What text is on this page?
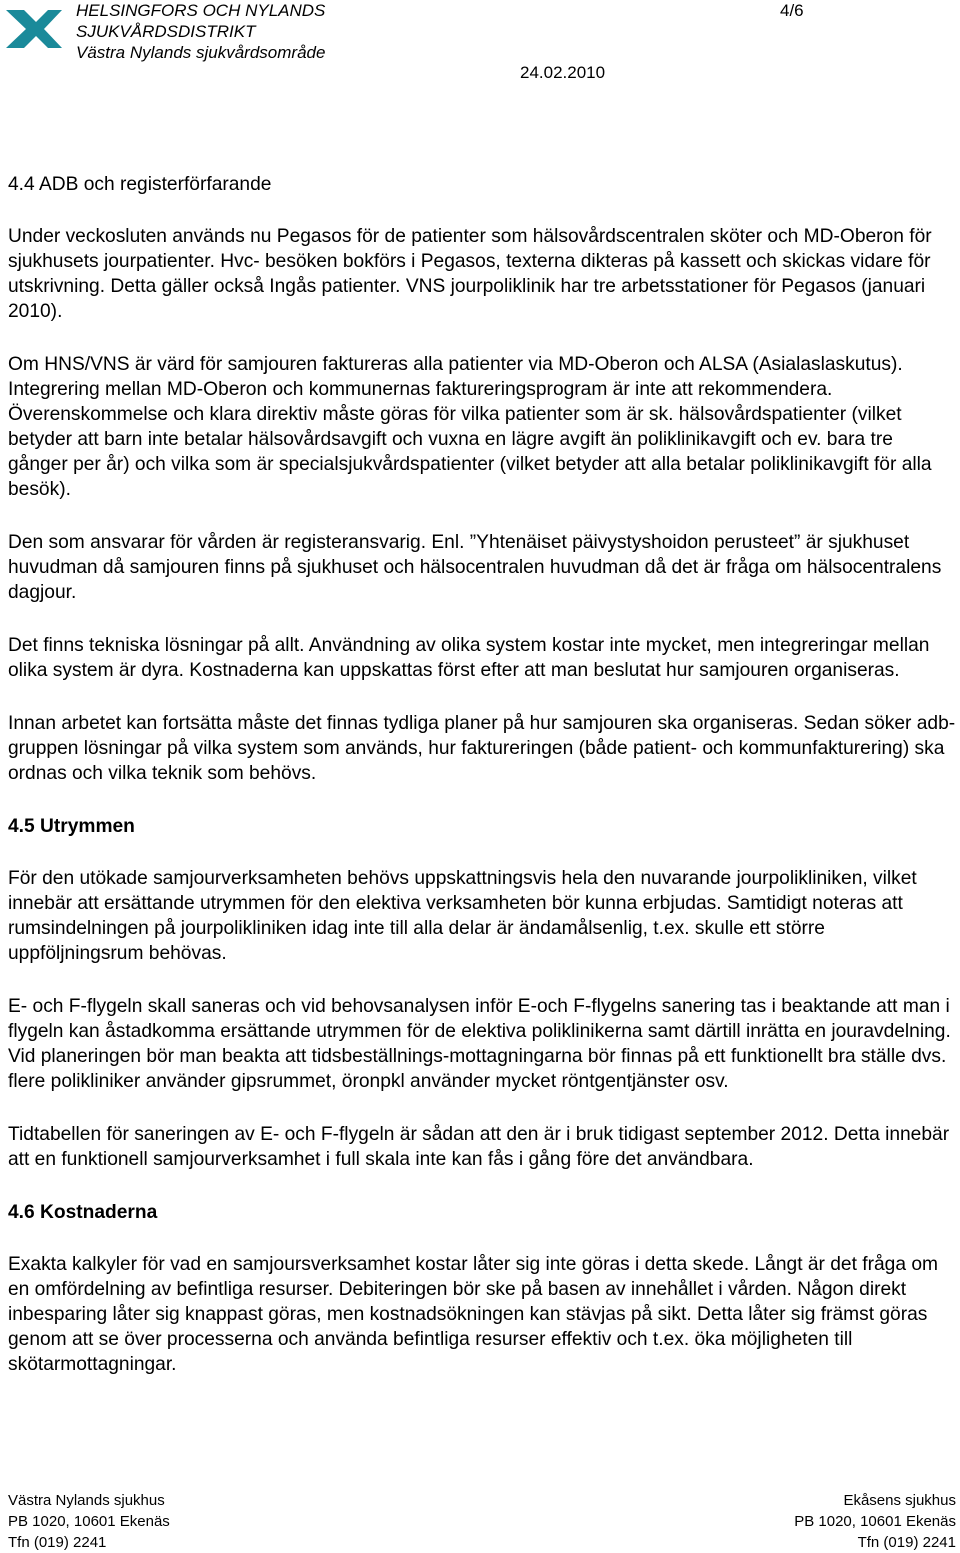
HELSINGFORS OCH NYLANDS
SJUKVÅRDSDISTRIKT
Västra Nylands sjukvårdsområde
4/6
24.02.2010
4.4 ADB och registerförfarande

Under veckosluten används nu Pegasos för de patienter som hälsovårdscentralen sköter och MD-Oberon för sjukhusets jourpatienter. Hvc- besöken bokförs i Pegasos, texterna dikteras på kassett och skickas vidare för utskrivning. Detta gäller också Ingås patienter. VNS jourpoliklinik har tre arbetsstationer för Pegasos (januari 2010).

Om HNS/VNS är värd för samjouren faktureras alla patienter via MD-Oberon och ALSA (Asialaslaskutus). Integrering mellan MD-Oberon och kommunernas faktureringsprogram är inte att rekommendera. Överenskommelse och klara direktiv måste göras för vilka patienter som är sk. hälsovårdspatienter (vilket betyder att barn inte betalar hälsovårdsavgift och vuxna en lägre avgift än poliklinikavgift och ev. bara tre gånger per år) och vilka som är specialsjukvårdspatienter (vilket betyder att alla betalar poliklinikavgift för alla besök).

Den som ansvarar för vården är registeransvarig. Enl. ”Yhtenäiset päivystyshoidon perusteet” är sjukhuset huvudman då samjouren finns på sjukhuset och hälsocentralen huvudman då det är fråga om hälsocentralens dagjour.

Det finns tekniska lösningar på allt. Användning av olika system kostar inte mycket, men integreringar mellan olika system är dyra. Kostnaderna kan uppskattas först efter att man beslutat hur samjouren organiseras.

Innan arbetet kan fortsätta måste det finnas tydliga planer på hur samjouren ska organiseras. Sedan söker adb-gruppen lösningar på vilka system som används, hur faktureringen (både patient- och kommunfakturering) ska ordnas och vilka teknik som behövs.

4.5 Utrymmen

För den utökade samjourverksamheten behövs uppskattningsvis hela den nuvarande jourpolikliniken, vilket innebär att ersättande utrymmen för den elektiva verksamheten bör kunna erbjudas. Samtidigt noteras att rumsindelningen på jourpolikliniken idag inte till alla delar är ändamålsenlig, t.ex. skulle ett större uppföljningsrum behövas.

E- och F-flygeln skall saneras och vid behovsanalysen inför E-och F-flygelns sanering tas i beaktande att man i flygeln kan åstadkomma ersättande utrymmen för de elektiva poliklinikerna samt därtill inrätta en jouravdelning. Vid planeringen bör man beakta att tidsbeställnings-mottagningarna bör finnas på ett funktionellt bra ställe dvs. flere polikliniker använder gipsrummet, öronpkl använder mycket röntgentjänster osv.

Tidtabellen för saneringen av E- och F-flygeln är sådan att den är i bruk tidigast september 2012. Detta innebär att en funktionell samjourverksamhet i full skala inte kan fås i gång före det användbara.

4.6 Kostnaderna

Exakta kalkyler för vad en samjoursverksamhet kostar låter sig inte göras i detta skede. Långt är det fråga om en omfördelning av befintliga resurser. Debiteringen bör ske på basen av innehållet i vården. Någon direkt inbesparing låter sig knappast göras, men kostnadsökningen kan stävjas på sikt. Detta låter sig främst göras genom att se över processerna och använda befintliga resurser effektiv och t.ex. öka möjligheten till skötarmottagningar.

Västra Nylands sjukhus
PB 1020, 10601 Ekenäs
Tfn (019) 2241
Ekåsens sjukhus
PB 1020, 10601 Ekenäs
Tfn (019) 2241
